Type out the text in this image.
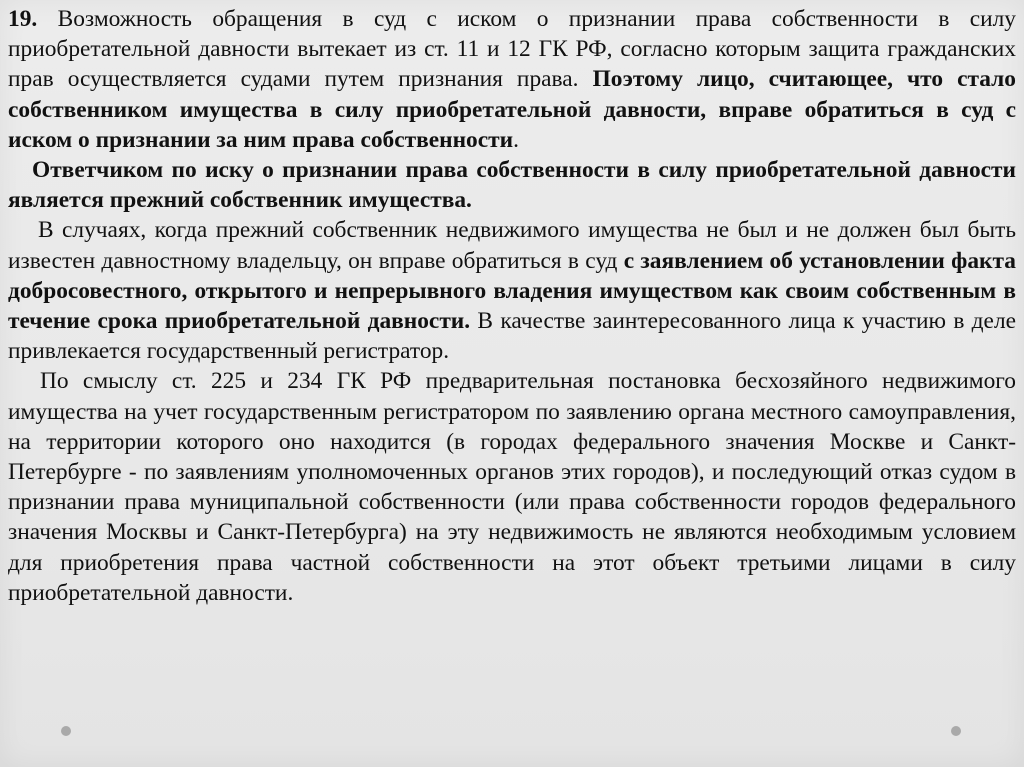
19. Возможность обращения в суд с иском о признании права собственности в силу приобретательной давности вытекает из ст. 11 и 12 ГК РФ, согласно которым защита гражданских прав осуществляется судами путем признания права. Поэтому лицо, считающее, что стало собственником имущества в силу приобретательной давности, вправе обратиться в суд с иском о признании за ним права собственности.

Ответчиком по иску о признании права собственности в силу приобретательной давности является прежний собственник имущества.

В случаях, когда прежний собственник недвижимого имущества не был и не должен был быть известен давностному владельцу, он вправе обратиться в суд с заявлением об установлении факта добросовестного, открытого и непрерывного владения имуществом как своим собственным в течение срока приобретательной давности. В качестве заинтересованного лица к участию в деле привлекается государственный регистратор.

По смыслу ст. 225 и 234 ГК РФ предварительная постановка бесхозяйного недвижимого имущества на учет государственным регистратором по заявлению органа местного самоуправления, на территории которого оно находится (в городах федерального значения Москве и Санкт-Петербурге - по заявлениям уполномоченных органов этих городов), и последующий отказ судом в признании права муниципальной собственности (или права собственности городов федерального значения Москвы и Санкт-Петербурга) на эту недвижимость не являются необходимым условием для приобретения права частной собственности на этот объект третьими лицами в силу приобретательной давности.
